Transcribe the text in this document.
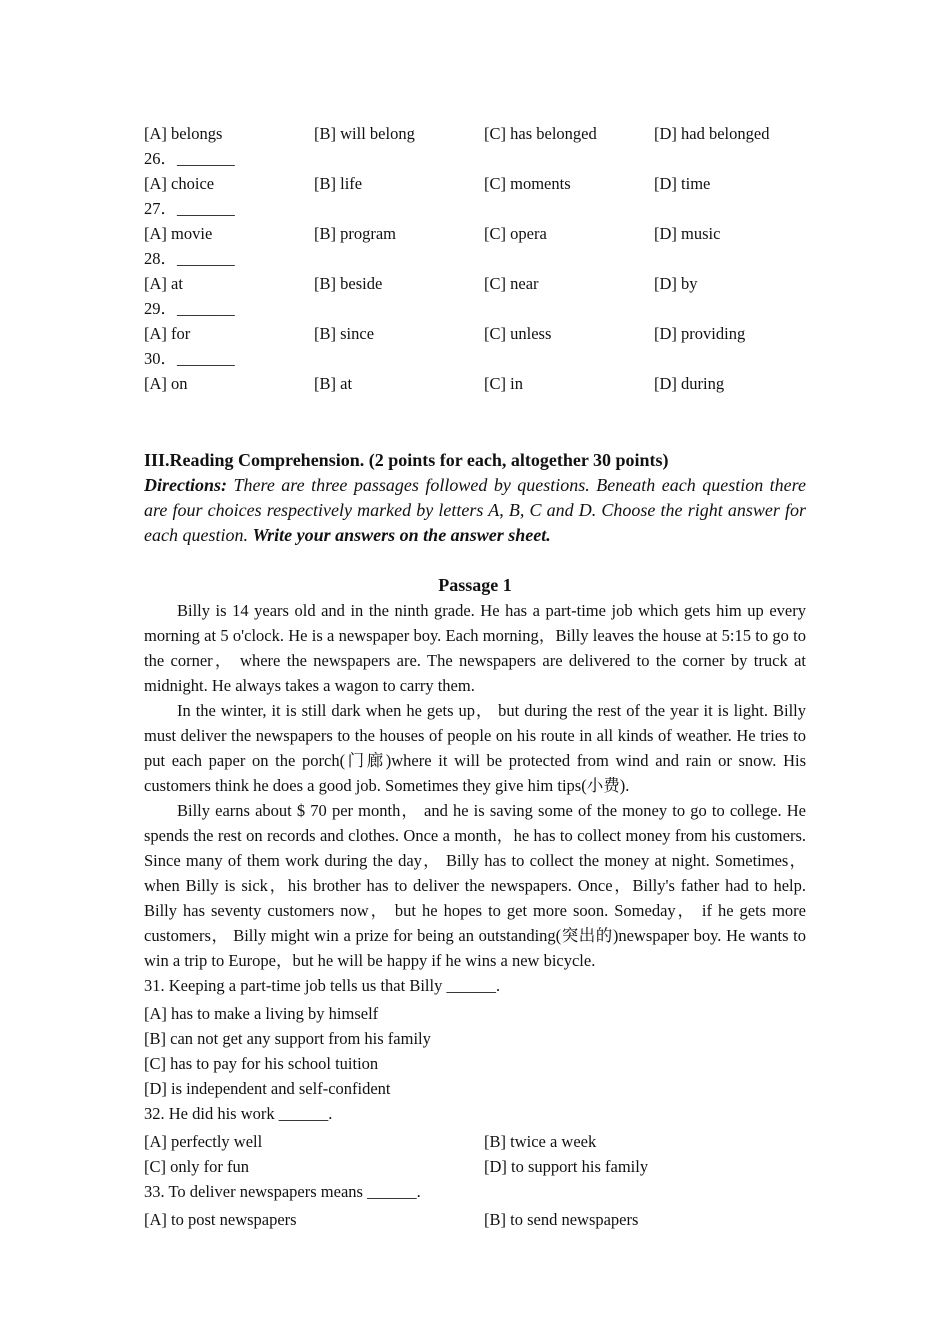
[A] belongs	[B] will belong	[C] has belonged	[D] had belonged
26．_______
[A] choice	[B] life	[C] moments	[D] time
27．_______
[A] movie	[B] program	[C] opera	[D] music
28．_______
[A] at	[B] beside	[C] near	[D] by
29．_______
[A] for	[B] since	[C] unless	[D] providing
30．_______
[A] on	[B] at	[C] in	[D] during
III.Reading Comprehension. (2 points for each, altogether 30 points)
Directions: There are three passages followed by questions. Beneath each question there are four choices respectively marked by letters A, B, C and D. Choose the right answer for each question. Write your answers on the answer sheet.
Passage 1

Billy is 14 years old and in the ninth grade. He has a part-time job which gets him up every morning at 5 o'clock. He is a newspaper boy. Each morning，Billy leaves the house at 5:15 to go to the corner， where the newspapers are. The newspapers are delivered to the corner by truck at midnight. He always takes a wagon to carry them.

In the winter, it is still dark when he gets up， but during the rest of the year it is light. Billy must deliver the newspapers to the houses of people on his route in all kinds of weather. He tries to put each paper on the porch(门廊)where it will be protected from wind and rain or snow. His customers think he does a good job. Sometimes they give him tips(小费).

Billy earns about $ 70 per month， and he is saving some of the money to go to college. He spends the rest on records and clothes. Once a month，he has to collect money from his customers. Since many of them work during the day， Billy has to collect the money at night. Sometimes，when Billy is sick，his brother has to deliver the newspapers. Once，Billy's father had to help. Billy has seventy customers now， but he hopes to get more soon. Someday， if he gets more customers， Billy might win a prize for being an outstanding(突出的)newspaper boy. He wants to win a trip to Europe，but he will be happy if he wins a new bicycle.

31. Keeping a part-time job tells us that Billy ______.
[A] has to make a living by himself
[B] can not get any support from his family
[C] has to pay for his school tuition
[D] is independent and self-confident
32. He did his work ______.
[A] perfectly well	[B] twice a week
[C] only for fun	[D] to support his family
33. To deliver newspapers means ______.
[A] to post newspapers	[B] to send newspapers
